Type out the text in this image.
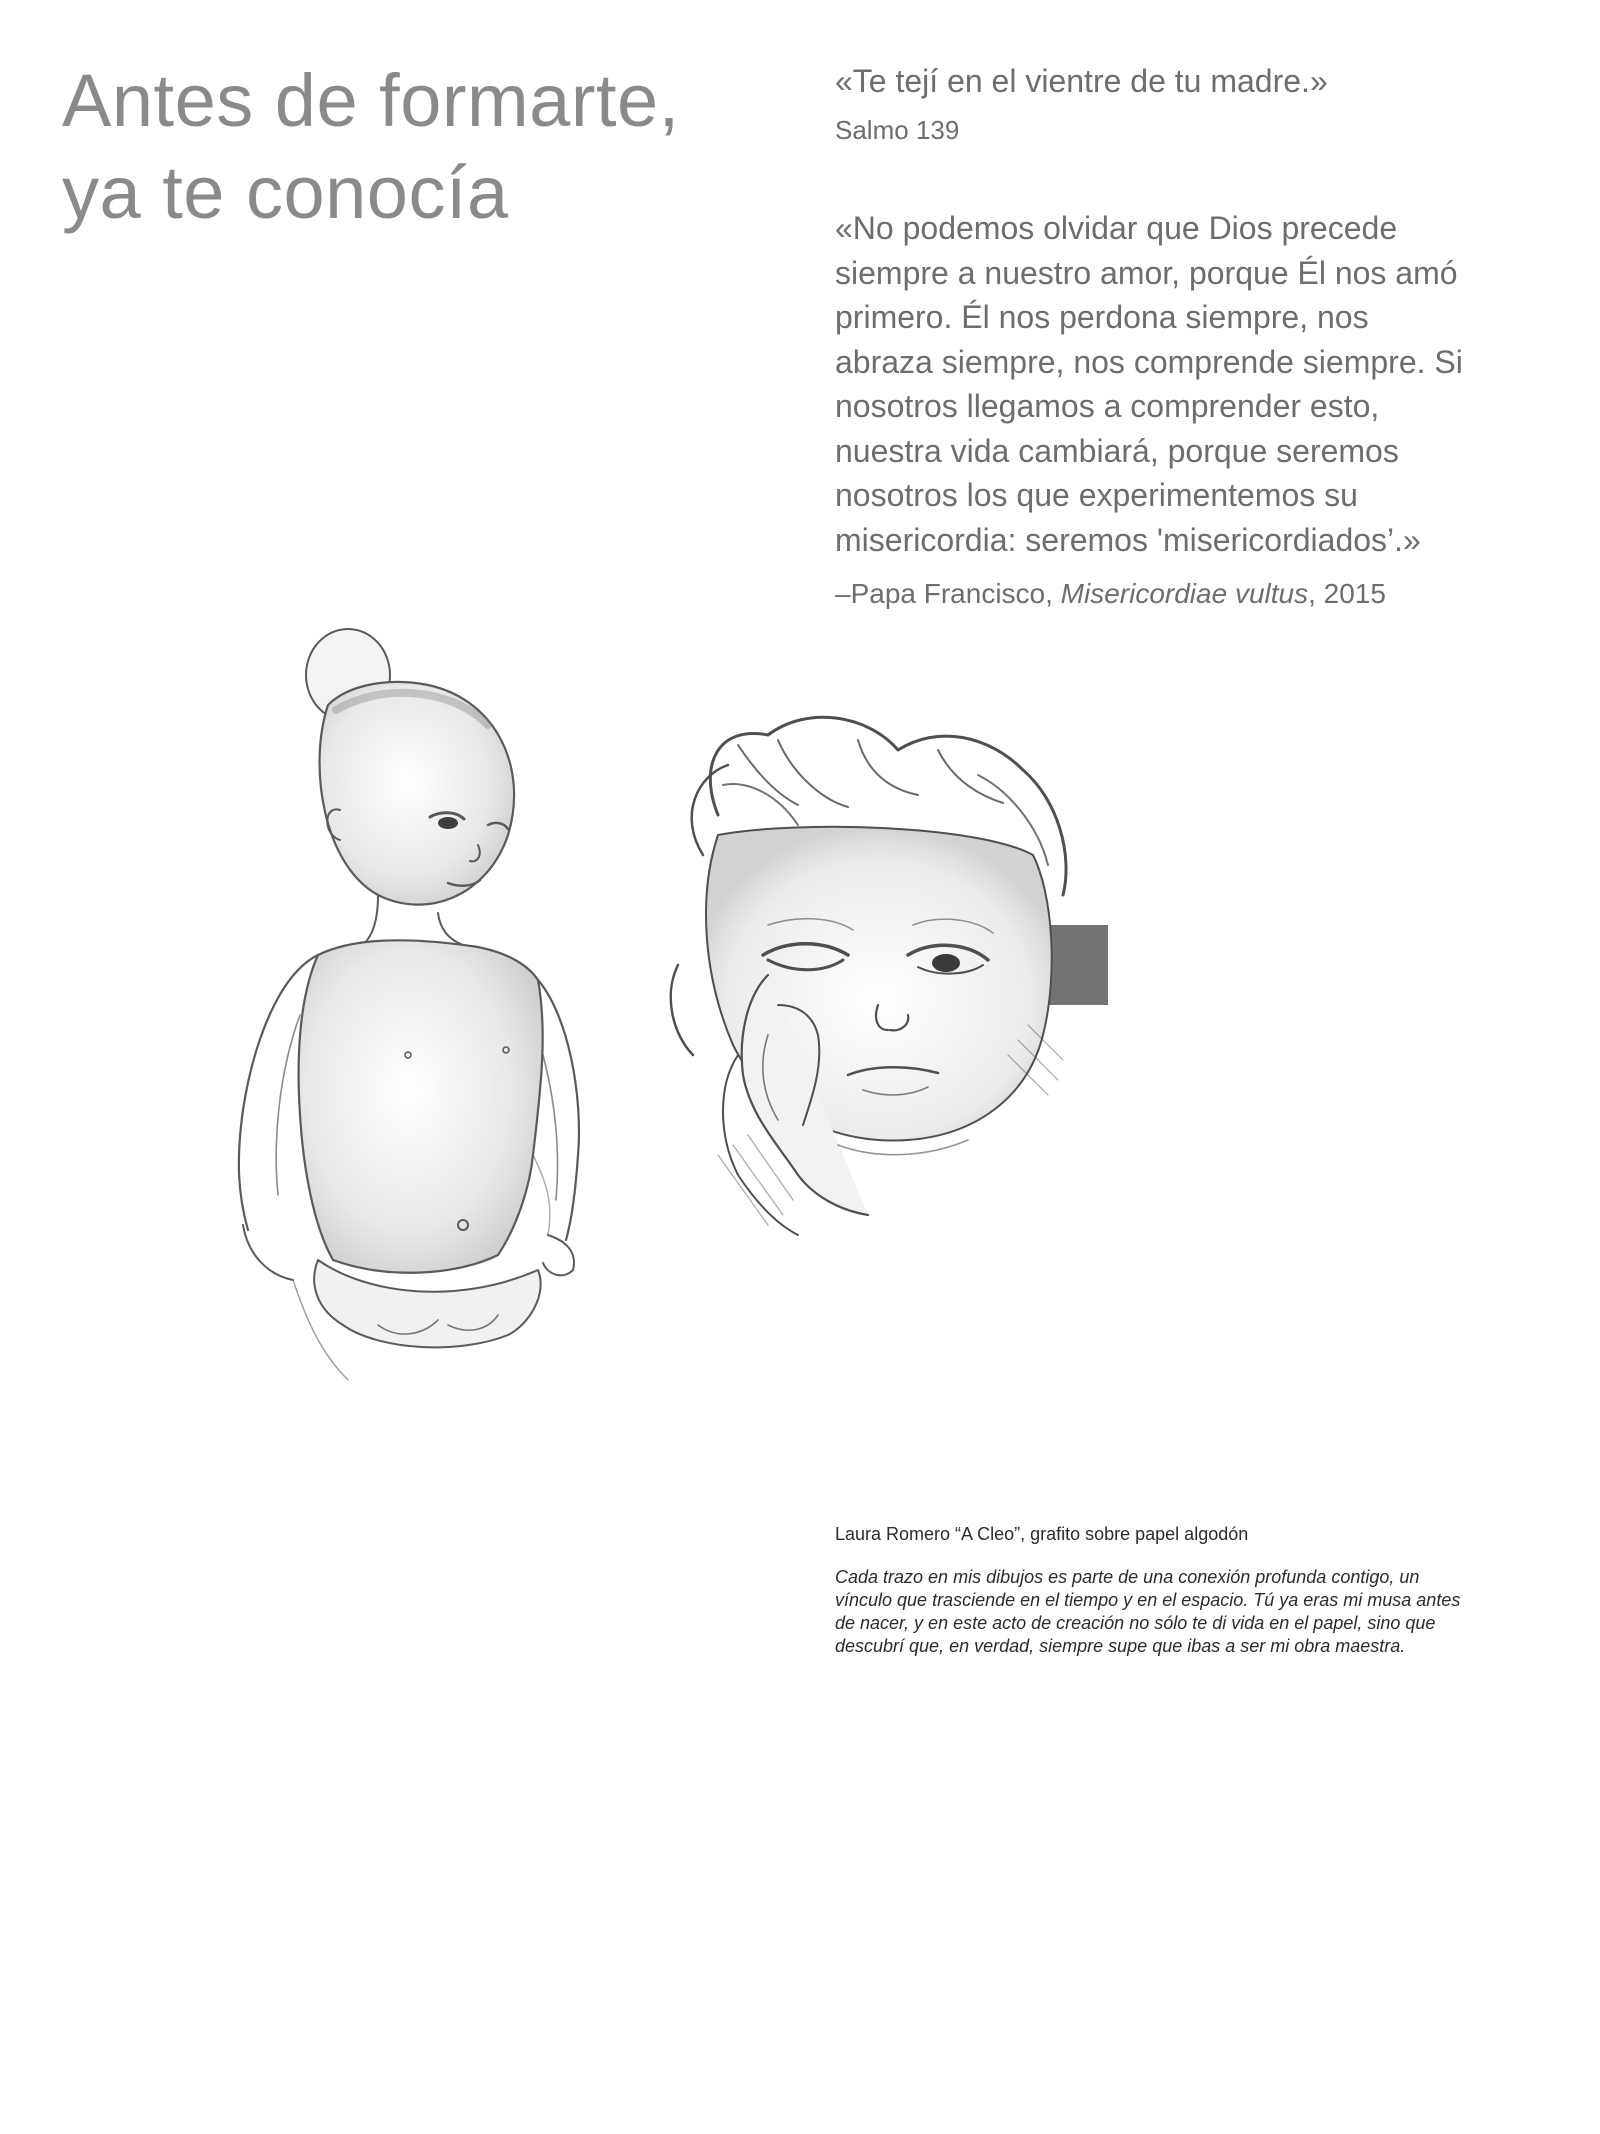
Antes de formarte,
ya te conocía

«Te tejí en el vientre de tu madre.»

Salmo 139

«No podemos olvidar que Dios precede
siempre a nuestro amor, porque Él nos amó
primero. Él nos perdona siempre, nos
abraza siempre, nos comprende siempre. Si
nosotros llegamos a comprender esto,
nuestra vida cambiará, porque seremos
nosotros los que experimentemos su
misericordia: seremos 'misericordiados’.»

–Papa Francisco, Misericordiae vultus, 2015

Laura Romero “A Cleo”, grafito sobre papel algodón

Cada trazo en mis dibujos es parte de una conexión profunda contigo, un
vínculo que trasciende en el tiempo y en el espacio. Tú ya eras mi musa antes
de nacer, y en este acto de creación no sólo te di vida en el papel, sino que
descubrí que, en verdad, siempre supe que ibas a ser mi obra maestra.
